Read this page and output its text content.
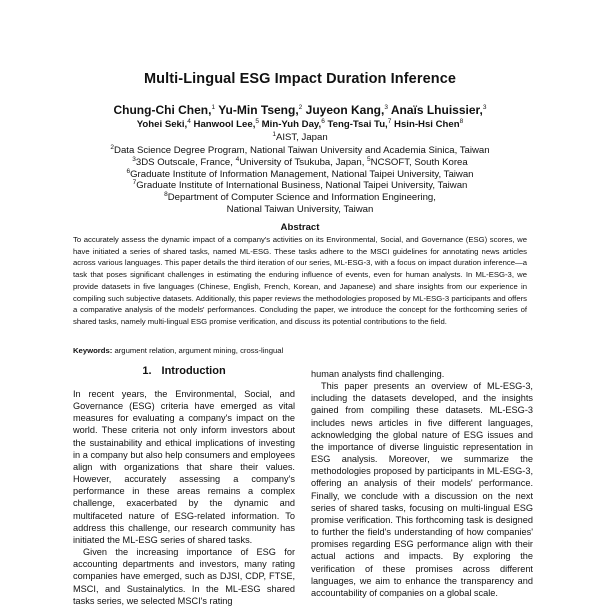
Multi-Lingual ESG Impact Duration Inference
Chung-Chi Chen,$^1$ Yu-Min Tseng,$^2$ Juyeon Kang,$^3$ Anaïs Lhuissier,$^3$
Yohei Seki,$^4$ Hanwool Lee,$^5$ Min-Yuh Day,$^6$ Teng-Tsai Tu,$^7$ Hsin-Hsi Chen$^8$
$^1$AIST, Japan
$^2$Data Science Degree Program, National Taiwan University and Academia Sinica, Taiwan
$^3$3DS Outscale, France, $^4$University of Tsukuba, Japan, $^5$NCSOFT, South Korea
$^6$Graduate Institute of Information Management, National Taipei University, Taiwan
$^7$Graduate Institute of International Business, National Taipei University, Taiwan
$^8$Department of Computer Science and Information Engineering,
National Taiwan University, Taiwan
Abstract
To accurately assess the dynamic impact of a company's activities on its Environmental, Social, and Governance (ESG) scores, we have initiated a series of shared tasks, named ML-ESG. These tasks adhere to the MSCI guidelines for annotating news articles across various languages. This paper details the third iteration of our series, ML-ESG-3, with a focus on impact duration inference—a task that poses significant challenges in estimating the enduring influence of events, even for human analysts. In ML-ESG-3, we provide datasets in five languages (Chinese, English, French, Korean, and Japanese) and share insights from our experience in compiling such subjective datasets. Additionally, this paper reviews the methodologies proposed by ML-ESG-3 participants and offers a comparative analysis of the models' performances. Concluding the paper, we introduce the concept for the forthcoming series of shared tasks, namely multi-lingual ESG promise verification, and discuss its potential contributions to the field.
Keywords: argument relation, argument mining, cross-lingual
1. Introduction

In recent years, the Environmental, Social, and Governance (ESG) criteria have emerged as vital measures for evaluating a company's impact on the world. These criteria not only inform investors about the sustainability and ethical implications of investing in a company but also help consumers and employees align with organizations that share their values. However, accurately assessing a company's performance in these areas remains a complex challenge, exacerbated by the dynamic and multifaceted nature of ESG-related information. To address this challenge, our research community has initiated the ML-ESG series of shared tasks.

Given the increasing importance of ESG for accounting departments and investors, many rating companies have emerged, such as DJSI, CDP, FTSE, MSCI, and Sustainalytics. In the ML-ESG shared tasks series, we selected MSCI's rating

human analysts find challenging.

This paper presents an overview of ML-ESG-3, including the datasets developed, and the insights gained from compiling these datasets. ML-ESG-3 includes news articles in five different languages, acknowledging the global nature of ESG issues and the importance of diverse linguistic representation in ESG analysis. Moreover, we summarize the methodologies proposed by participants in ML-ESG-3, offering an analysis of their models' performance. Finally, we conclude with a discussion on the next series of shared tasks, focusing on multi-lingual ESG promise verification. This forthcoming task is designed to further the field's understanding of how companies' promises regarding ESG performance align with their actual actions and impacts. By exploring the verification of these promises across different languages, we aim to enhance the transparency and accountability of companies on a global scale.
